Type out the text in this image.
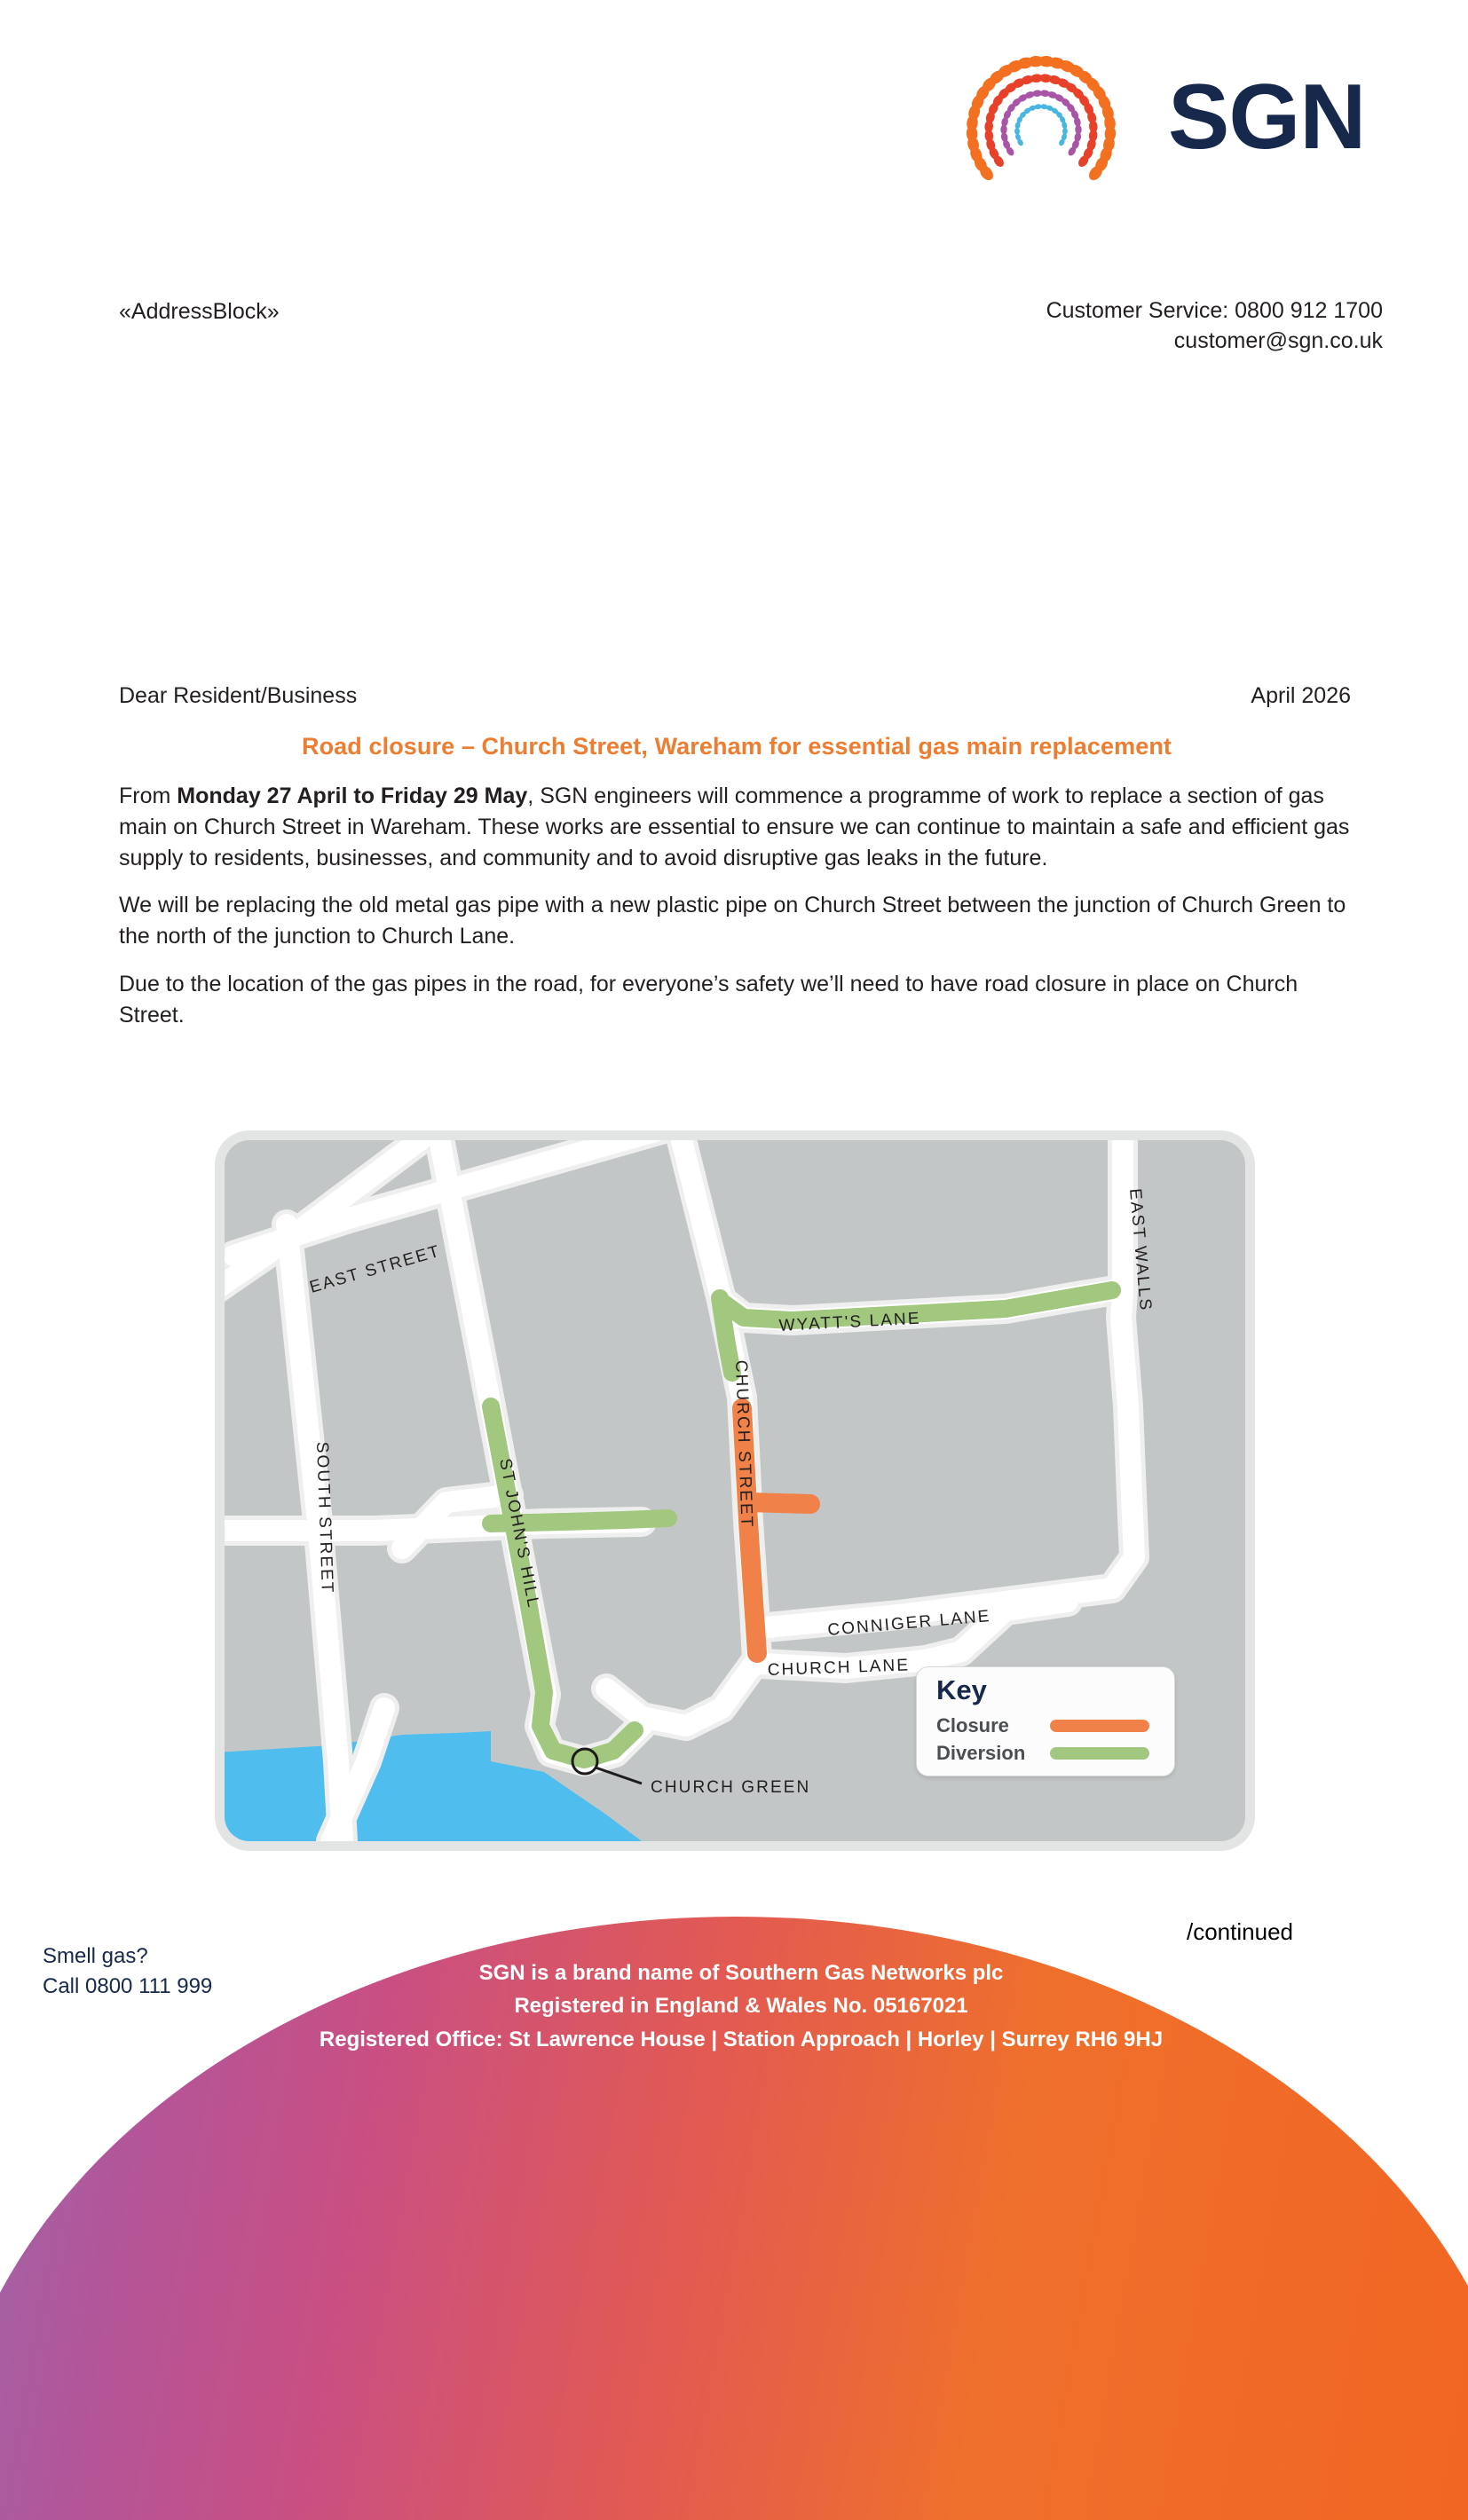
SGN
«AddressBlock»	Customer Service: 0800 912 1700
customer@sgn.co.uk
Dear Resident/Business	April 2026
Road closure – Church Street, Wareham for essential gas main replacement

From Monday 27 April to Friday 29 May, SGN engineers will commence a programme of work to replace a section of gas main on Church Street in Wareham. These works are essential to ensure we can continue to maintain a safe and efficient gas supply to residents, businesses, and community and to avoid disruptive gas leaks in the future.

We will be replacing the old metal gas pipe with a new plastic pipe on Church Street between the junction of Church Green to the north of the junction to Church Lane.

Due to the location of the gas pipes in the road, for everyone’s safety we’ll need to have road closure in place on Church Street.

EAST STREET
SOUTH STREET	ST JOHN'S HILL
CHURCH STREET
WYATT'S LANE
EAST WALLS
CONNIGER LANE
CHURCH LANE
CHURCH GREEN
Key
Closure
Diversion
SGN is a brand name of Southern Gas Networks plc
Registered in England & Wales No. 05167021
Registered Office: St Lawrence House | Station Approach | Horley | Surrey RH6 9HJ
Smell gas?
Call 0800 111 999
/continued
